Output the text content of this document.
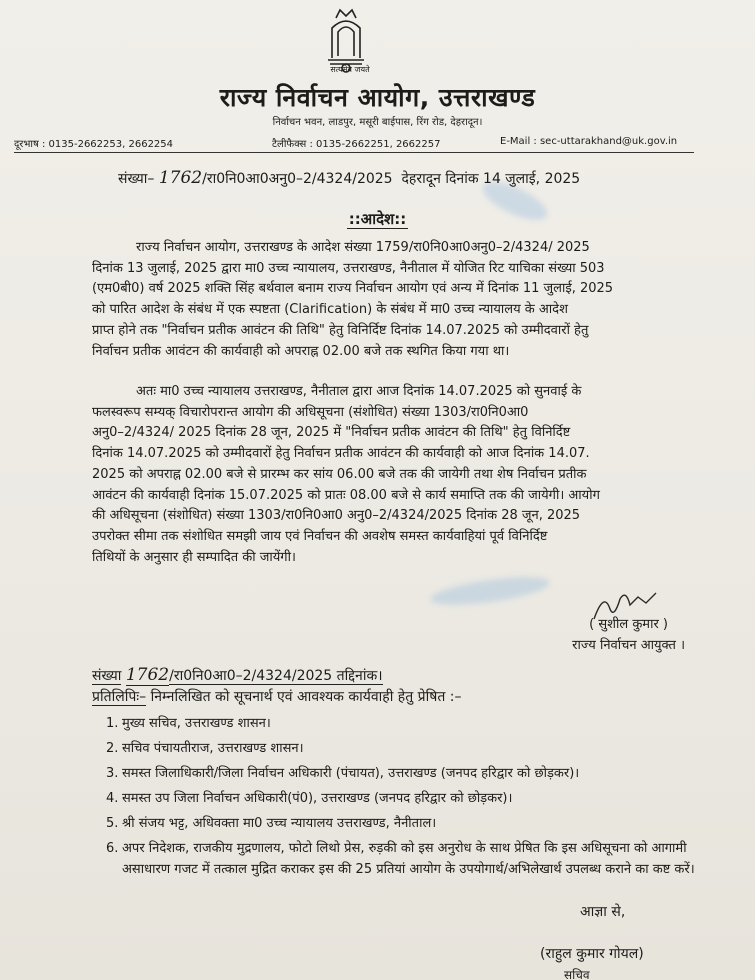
सत्यमेव जयते
राज्य निर्वाचन आयोग, उत्तराखण्ड
निर्वाचन भवन, लाडपुर, मसूरी बाईपास, रिंग रोड, देहरादून।
दूरभाष : 0135-2662253, 2662254	टैलीफैक्स : 0135-2662251, 2662257	E-Mail : sec-uttarakhand@uk.gov.in
संख्या– 1762/रा0नि0आ0अनु0–2/4324/2025 देहरादून दिनांक 14 जुलाई, 2025
::आदेश::
राज्य निर्वाचन आयोग, उत्तराखण्ड के आदेश संख्या 1759/रा0नि0आ0अनु0–2/4324/ 2025
दिनांक 13 जुलाई, 2025 द्वारा मा0 उच्च न्यायालय, उत्तराखण्ड, नैनीताल में योजित रिट याचिका संख्या 503
(एम0बी0) वर्ष 2025 शक्ति सिंह बर्थवाल बनाम राज्य निर्वाचन आयोग एवं अन्य में दिनांक 11 जुलाई, 2025
को पारित आदेश के संबंध में एक स्पष्टता (Clarification) के संबंध में मा0 उच्च न्यायालय के आदेश
प्राप्त होने तक "निर्वाचन प्रतीक आवंटन की तिथि" हेतु विनिर्दिष्ट दिनांक 14.07.2025 को उम्मीदवारों हेतु
निर्वाचन प्रतीक आवंटन की कार्यवाही को अपराह्न 02.00 बजे तक स्थगित किया गया था।
अतः मा0 उच्च न्यायालय उत्तराखण्ड, नैनीताल द्वारा आज दिनांक 14.07.2025 को सुनवाई के
फलस्वरूप सम्यक् विचारोपरान्त आयोग की अधिसूचना (संशोधित) संख्या 1303/रा0नि0आ0
अनु0–2/4324/ 2025 दिनांक 28 जून, 2025 में "निर्वाचन प्रतीक आवंटन की तिथि" हेतु विनिर्दिष्ट
दिनांक 14.07.2025 को उम्मीदवारों हेतु निर्वाचन प्रतीक आवंटन की कार्यवाही को आज दिनांक 14.07.
2025 को अपराह्न 02.00 बजे से प्रारम्भ कर सांय 06.00 बजे तक की जायेगी तथा शेष निर्वाचन प्रतीक
आवंटन की कार्यवाही दिनांक 15.07.2025 को प्रातः 08.00 बजे से कार्य समाप्ति तक की जायेगी। आयोग
की अधिसूचना (संशोधित) संख्या 1303/रा0नि0आ0 अनु0–2/4324/2025 दिनांक 28 जून, 2025
उपरोक्त सीमा तक संशोधित समझी जाय एवं निर्वाचन की अवशेष समस्त कार्यवाहियां पूर्व विनिर्दिष्ट
तिथियों के अनुसार ही सम्पादित की जायेंगी।
( सुशील कुमार )
राज्य निर्वाचन आयुक्त ।
संख्या 1762/रा0नि0आ0–2/4324/2025 तद्दिनांक।
प्रतिलिपिः– निम्नलिखित को सूचनार्थ एवं आवश्यक कार्यवाही हेतु प्रेषित :–
1. मुख्य सचिव, उत्तराखण्ड शासन।
2. सचिव पंचायतीराज, उत्तराखण्ड शासन।
3. समस्त जिलाधिकारी/जिला निर्वाचन अधिकारी (पंचायत), उत्तराखण्ड (जनपद हरिद्वार को छोड़कर)।
4. समस्त उप जिला निर्वाचन अधिकारी(पं0), उत्तराखण्ड (जनपद हरिद्वार को छोड़कर)।
5. श्री संजय भट्ट, अधिवक्ता मा0 उच्च न्यायालय उत्तराखण्ड, नैनीताल।
6. अपर निदेशक, राजकीय मुद्रणालय, फोटो लिथो प्रेस, रुड़की को इस अनुरोध के साथ प्रेषित कि इस अधिसूचना को आगामी असाधारण गजट में तत्काल मुद्रित कराकर इस की 25 प्रतियां आयोग के उपयोगार्थ/अभिलेखार्थ उपलब्ध कराने का कष्ट करें।
आज्ञा से,
(राहुल कुमार गोयल)
सचिव
